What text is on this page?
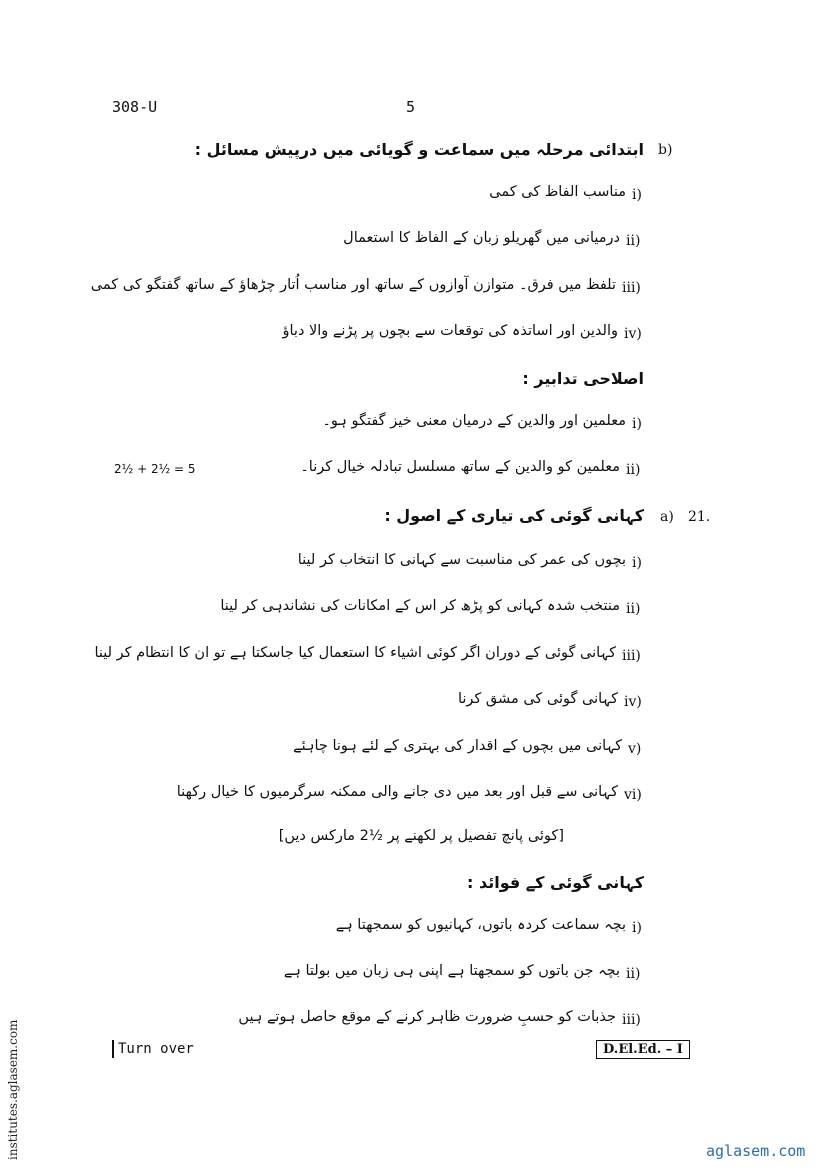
308-U	5
b)
ابتدائی مرحلہ میں سماعت و گویائی میں درپیش مسائل :
i)
مناسب الفاظ کی کمی
ii)
درمیانی میں گھریلو زبان کے الفاظ کا استعمال
iii)
تلفظ میں فرق۔ متوازن آوازوں کے ساتھ اور مناسب اُتار چڑھاؤ کے ساتھ گفتگو کی کمی
iv)
والدین اور اساتذہ کی توقعات سے بچوں پر پڑنے والا دباؤ
اصلاحی تدابیر :
i)
معلمین اور والدین کے درمیان معنی خیز گفتگو ہو۔
ii)
معلمین کو والدین کے ساتھ مسلسل تبادلہ خیال کرنا۔
2½ + 2½ = 5
21.
a)
کہانی گوئی کی تیاری کے اصول :
i)
بچوں کی عمر کی مناسبت سے کہانی کا انتخاب کر لینا
ii)
منتخب شدہ کہانی کو پڑھ کر اس کے امکانات کی نشاندہی کر لینا
iii)
کہانی گوئی کے دوران اگر کوئی اشیاء کا استعمال کیا جاسکتا ہے تو ان کا انتظام کر لینا
iv)
کہانی گوئی کی مشق کرنا
v)
کہانی میں بچوں کے اقدار کی بہتری کے لئے ہونا چاہئے
vi)
کہانی سے قبل اور بعد میں دی جانے والی ممکنہ سرگرمیوں کا خیال رکھنا
[کوئی پانچ تفصیل پر لکھنے پر ½2 مارکس دیں]
کہانی گوئی کے فوائد :
i)
بچہ سماعت کردہ باتوں، کہانیوں کو سمجھتا ہے
ii)
بچہ جن باتوں کو سمجھتا ہے اپنی ہی زبان میں بولتا ہے
iii)
جذبات کو حسبِ ضرورت ظاہر کرنے کے موقع حاصل ہوتے ہیں
Turn over	D.El.Ed. – I
institutes.aglasem.com	aglasem.com
